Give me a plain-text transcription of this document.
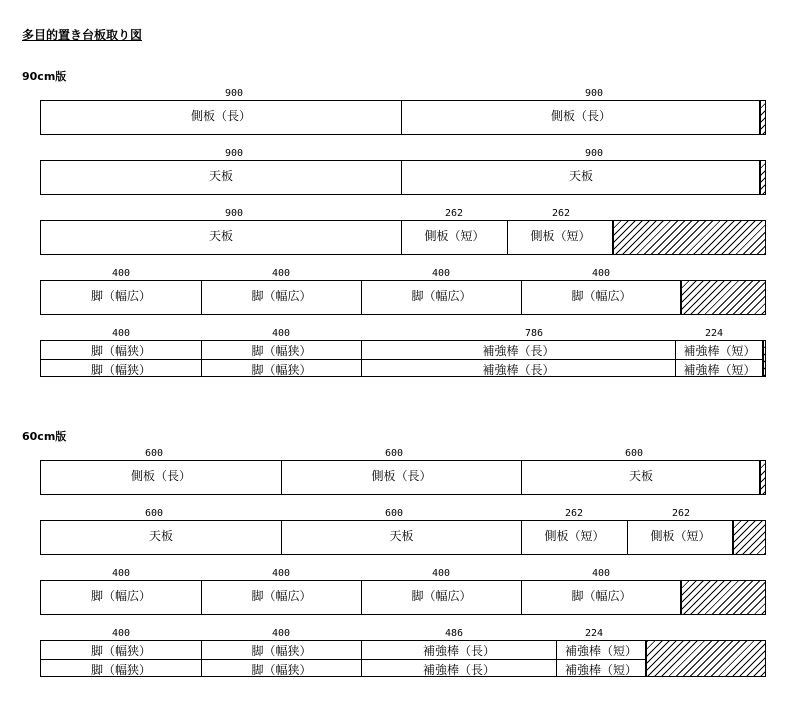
多目的置き台板取り図
90cm版
900	900
側板（長）	側板（長）
900	900
天板	天板
900	262	262
天板	側板（短）	側板（短）
400	400	400	400
脚（幅広）	脚（幅広）	脚（幅広）	脚（幅広）
400	400	786	224
脚（幅狭）	脚（幅狭）	補強棒（長）	補強棒（短）
脚（幅狭）	脚（幅狭）	補強棒（長）	補強棒（短）
60cm版
600	600	600
側板（長）	側板（長）	天板
600	600	262	262
天板	天板	側板（短）	側板（短）
400	400	400	400
脚（幅広）	脚（幅広）	脚（幅広）	脚（幅広）
400	400	486	224
脚（幅狭）	脚（幅狭）	補強棒（長）	補強棒（短）
脚（幅狭）	脚（幅狭）	補強棒（長）	補強棒（短）
